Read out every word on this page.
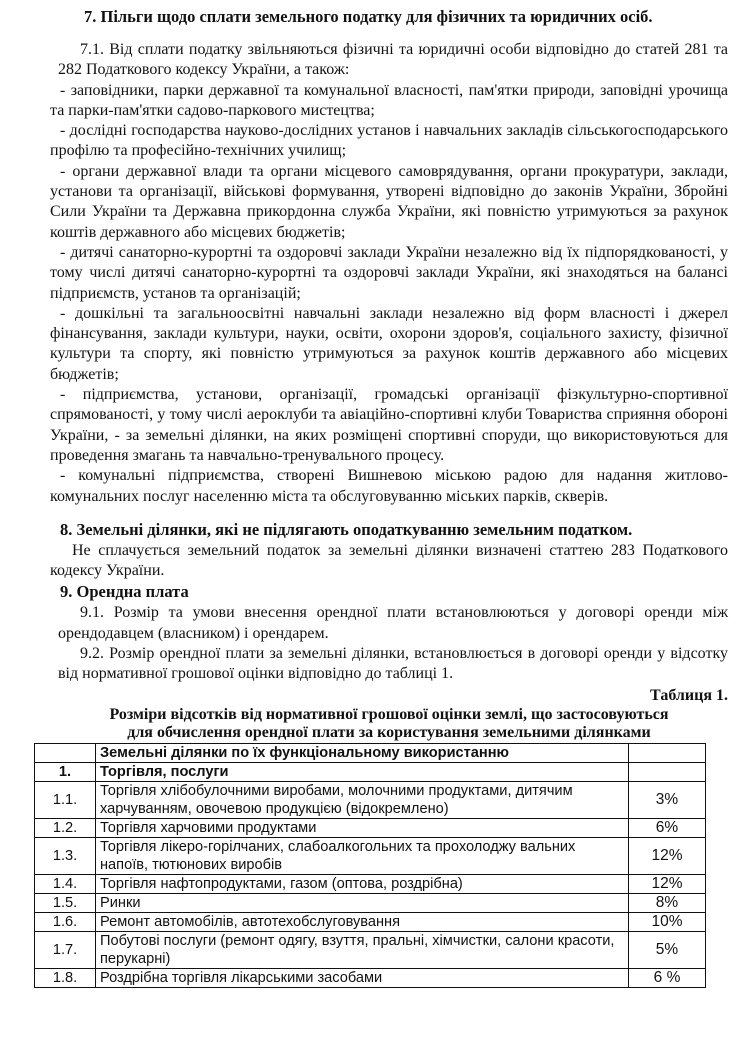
7. Пільги щодо сплати земельного податку для фізичних та юридичних осіб.
7.1. Від сплати податку звільняються фізичні та юридичні особи відповідно до статей 281 та 282 Податкового кодексу України, а також:
- заповідники, парки державної та комунальної власності, пам'ятки природи, заповідні урочища та парки-пам'ятки садово-паркового мистецтва;
- дослідні господарства науково-дослідних установ і навчальних закладів сільськогосподарського профілю та професійно-технічних училищ;
- органи державної влади та органи місцевого самоврядування, органи прокуратури, заклади, установи та організації, військові формування, утворені відповідно до законів України, Збройні Сили України та Державна прикордонна служба України, які повністю утримуються за рахунок коштів державного або місцевих бюджетів;
- дитячі санаторно-курортні та оздоровчі заклади України незалежно від їх підпорядкованості, у тому числі дитячі санаторно-курортні та оздоровчі заклади України, які знаходяться на балансі підприємств, установ та організацій;
- дошкільні та загальноосвітні навчальні заклади незалежно від форм власності і джерел фінансування, заклади культури, науки, освіти, охорони здоров'я, соціального захисту, фізичної культури та спорту, які повністю утримуються за рахунок коштів державного або місцевих бюджетів;
- підприємства, установи, організації, громадські організації фізкультурно-спортивної спрямованості, у тому числі аероклуби та авіаційно-спортивні клуби Товариства сприяння обороні України, - за земельні ділянки, на яких розміщені спортивні споруди, що використовуються для проведення змагань та навчально-тренувального процесу.
- комунальні підприємства, створені Вишневою міською радою для надання житлово-комунальних послуг населенню міста та обслуговуванню міських парків, скверів.
8. Земельні ділянки, які не підлягають оподаткуванню земельним податком.
Не сплачується земельний податок за земельні ділянки визначені статтею 283 Податкового кодексу України.
9. Орендна плата
9.1. Розмір та умови внесення орендної плати встановлюються у договорі оренди між орендодавцем (власником) і орендарем.
9.2. Розмір орендної плати за земельні ділянки, встановлюється в договорі оренди у відсотку від нормативної грошової оцінки відповідно до таблиці 1.
Таблиця 1.
Розміри відсотків від нормативної грошової оцінки землі, що застосовуються
для обчислення орендної плати за користування земельними ділянками
	Земельні ділянки по їх функціональному використанню	
1.	Торгівля, послуги	
1.1.	Торгівля хлібобулочними виробами, молочними продуктами, дитячим харчуванням, овочевою продукцією (відокремлено)	3%
1.2.	Торгівля харчовими продуктами	6%
1.3.	Торгівля лікеро-горілчаних, слабоалкогольних та прохолоджу вальних напоїв, тютюнових виробів	12%
1.4.	Торгівля нафтопродуктами, газом (оптова, роздрібна)	12%
1.5.	Ринки	8%
1.6.	Ремонт автомобілів, автотехобслуговування	10%
1.7.	Побутові послуги (ремонт одягу, взуття, пральні, хімчистки, салони красоти, перукарні)	5%
1.8.	Роздрібна торгівля лікарськими засобами	6 %
